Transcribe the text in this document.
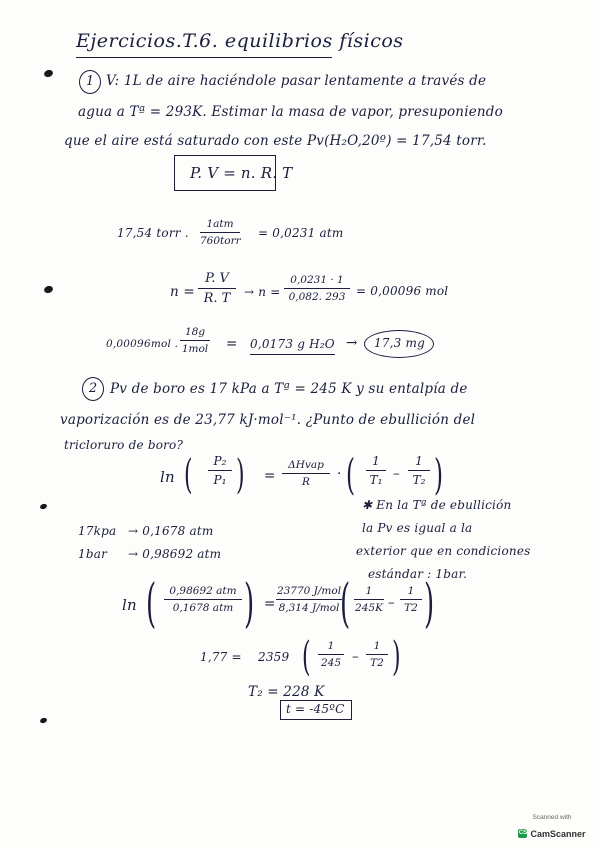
Ejercicios.T.6. equilibrios físicos
1 V: 1L de aire haciéndole pasar lentamente a través de
agua a Tª = 293K. Estimar la masa de vapor, presuponiendo
que el aire está saturado con este Pv(H₂O,20º) = 17,54 torr.
P. V = n. R. T
17,54 torr .
1atm
760torr
= 0,0231 atm
n =
P. V
R. T	→ n =
0,0231 · 1
0,082. 293 = 0,00096 mol
0,00096mol .
18g
1mol = 0,0173 g H₂O → 17,3 mg
2 Pv de boro es 17 kPa a Tª = 245 K y su entalpía de
vaporización es de 23,77 kJ·mol⁻¹. ¿Punto de ebullición del
tricloruro de boro?
ln (	P₂
P₁ ) =
ΔHvap
R	· (	1
T₁ –
1
T₂ )
✱ En la Tª de ebullición
la Pv es igual a la
exterior que en condiciones
estándar : 1bar.
17kpa → 0,1678 atm
1bar → 0,98692 atm
ln (	0,98692 atm
0,1678 atm ) =
23770 J/mol
8,314 J/mol (	1
245K –
1
T2 )
1,77 = 2359 (	1
245 –
1
T2 )
T₂ = 228 K
t = -45ºC
Scanned with
CS CamScanner
